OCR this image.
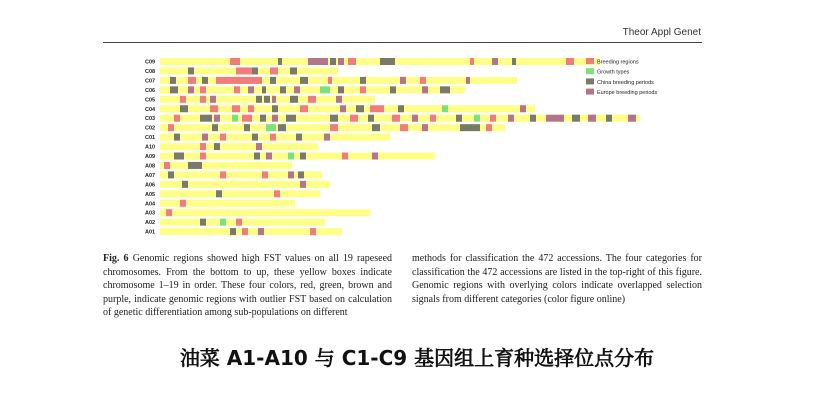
Theor Appl Genet
C09
C08
C07
C06
C05
C04
C03
C02
C01
A10
A09
A08
A07
A06
A05
A04
A03
A02
A01
Breeding regions
Growth types
China breeding periods
Europe breeding periods
Fig. 6 Genomic regions showed high FST values on all 19 rapeseed chromosomes. From the bottom to up, these yellow boxes indicate chromosome 1–19 in order. These four colors, red, green, brown and purple, indicate genomic regions with outlier FST based on calculation of genetic differentiation among sub-populations on different
methods for classification the 472 accessions. The four categories for classification the 472 accessions are listed in the top-right of this figure. Genomic regions with overlying colors indicate overlapped selection signals from different categories (color figure online)
油菜 A1-A10 与 C1-C9 基因组上育种选择位点分布
